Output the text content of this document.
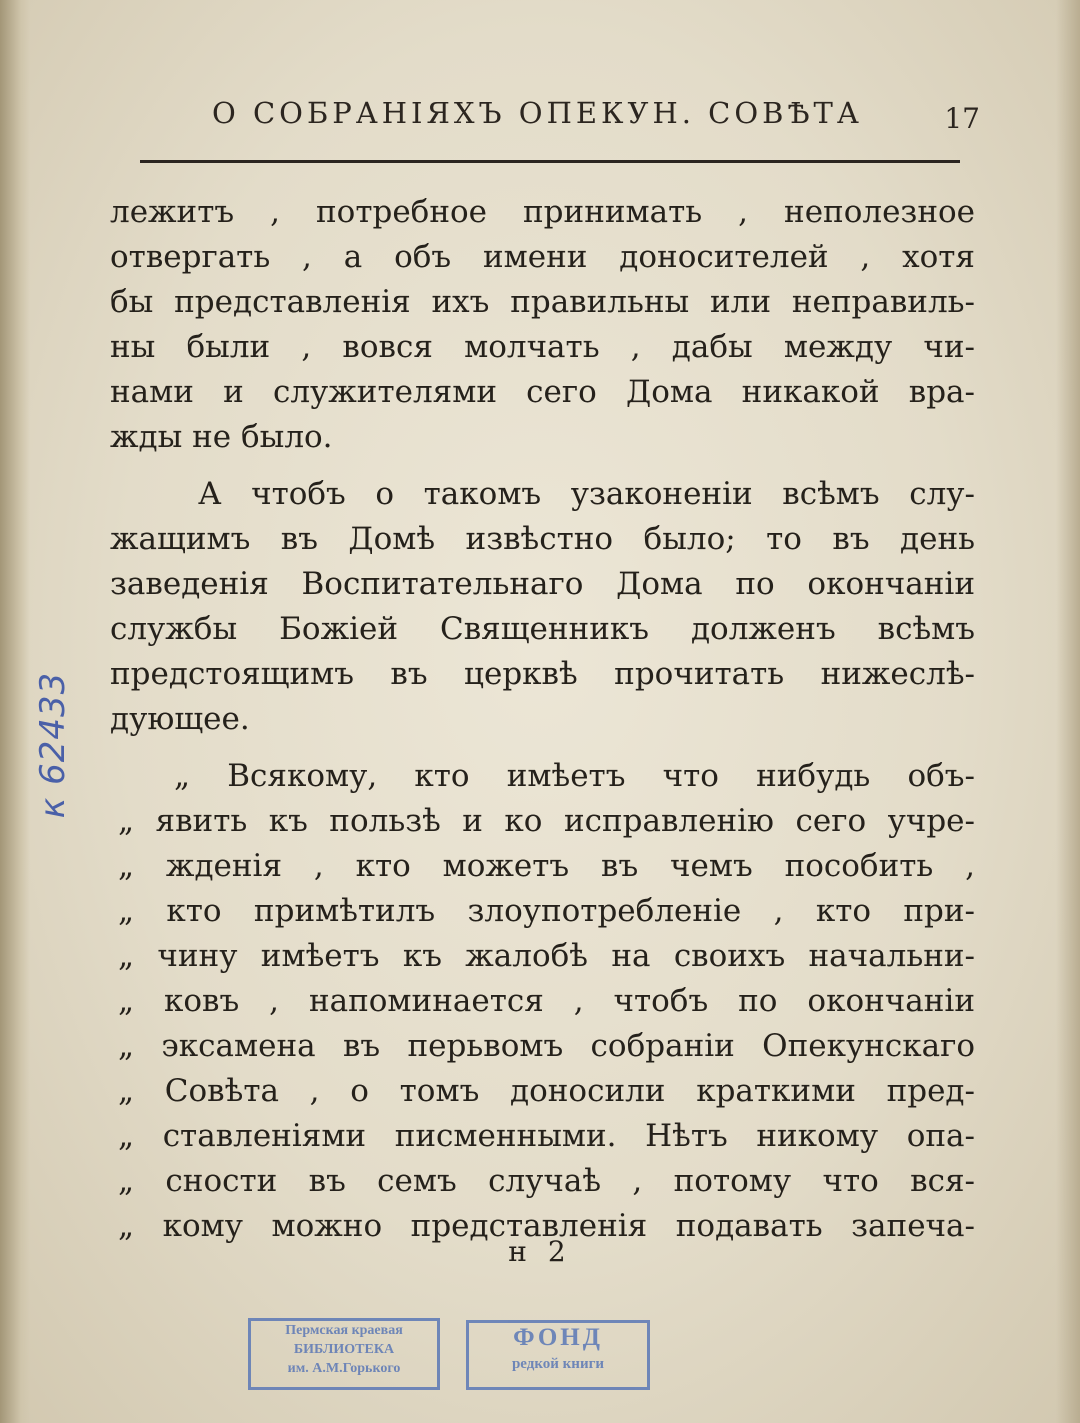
О СОБРАНІЯХЪ ОПЕКУН. СОВѢТА	17
лежитъ , потребное принимать , неполезное
отвергать , а объ имени доносителей , хотя
бы представленія ихъ правильны или неправиль-
ны были , вовся молчать , дабы между чи-
нами и служителями сего Дома никакой вра-
жды не было.
А чтобъ о такомъ узаконеніи всѣмъ слу-
жащимъ въ Домѣ извѣстно было; то въ день
заведенія Воспитательнаго Дома по окончаніи
службы Божіей Священникъ долженъ всѣмъ
предстоящимъ въ церквѣ прочитать нижеслѣ-
дующее.
„ Всякому, кто имѣетъ что нибудь объ-
„ явить къ пользѣ и ко исправленію сего учре-
„ жденія , кто можетъ въ чемъ пособить ,
„ кто примѣтилъ злоупотребленіе , кто при-
„ чину имѣетъ къ жалобѣ на своихъ начальни-
„ ковъ , напоминается , чтобъ по окончаніи
„ эксамена въ перьвомъ собраніи Опекунскаго
„ Совѣта , о томъ доносили краткими пред-
„ ставленіями писменными. Нѣтъ никому опа-
„ сности въ семъ случаѣ , потому что вся-
„ кому можно представленія подавать запеча-
н 2
к 62433
Пермская краевая
БИБЛИОТЕКА
им. А.М.Горького
ФОНД
редкой книги
